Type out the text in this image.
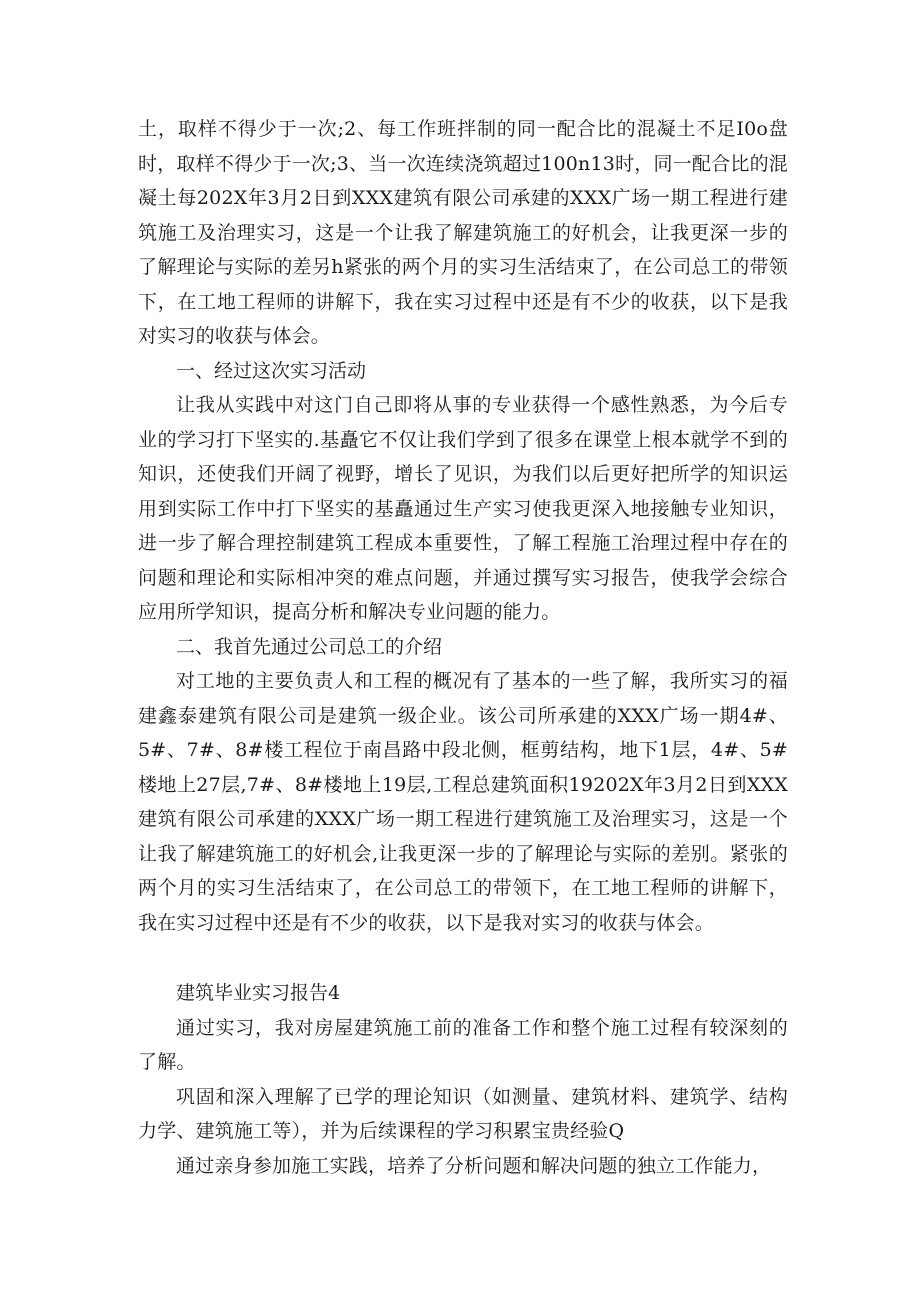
土，取样不得少于一次;2、每工作班拌制的同一配合比的混凝土不足I0o盘时，取样不得少于一次;3、当一次连续浇筑超过100n13时，同一配合比的混凝土每202X年3月2日到XXX建筑有限公司承建的XXX广场一期工程进行建筑施工及治理实习，这是一个让我了解建筑施工的好机会，让我更深一步的了解理论与实际的差另h紧张的两个月的实习生活结束了，在公司总工的带领下，在工地工程师的讲解下，我在实习过程中还是有不少的收获，以下是我对实习的收获与体会。

一、经过这次实习活动

让我从实践中对这门自己即将从事的专业获得一个感性熟悉，为今后专业的学习打下坚实的.基矗它不仅让我们学到了很多在课堂上根本就学不到的知识，还使我们开阔了视野，增长了见识，为我们以后更好把所学的知识运用到实际工作中打下坚实的基矗通过生产实习使我更深入地接触专业知识，进一步了解合理控制建筑工程成本重要性，了解工程施工治理过程中存在的问题和理论和实际相冲突的难点问题，并通过撰写实习报告，使我学会综合应用所学知识，提高分析和解决专业问题的能力。

二、我首先通过公司总工的介绍

对工地的主要负责人和工程的概况有了基本的一些了解，我所实习的福建鑫泰建筑有限公司是建筑一级企业。该公司所承建的XXX广场一期4#、5#、7#、8#楼工程位于南昌路中段北侧，框剪结构，地下1层，4#、5#楼地上27层,7#、8#楼地上19层,工程总建筑面积19202X年3月2日到XXX建筑有限公司承建的XXX广场一期工程进行建筑施工及治理实习，这是一个让我了解建筑施工的好机会,让我更深一步的了解理论与实际的差别。紧张的两个月的实习生活结束了，在公司总工的带领下，在工地工程师的讲解下，我在实习过程中还是有不少的收获，以下是我对实习的收获与体会。

建筑毕业实习报告4

通过实习，我对房屋建筑施工前的准备工作和整个施工过程有较深刻的了解。

巩固和深入理解了已学的理论知识（如测量、建筑材料、建筑学、结构力学、建筑施工等），并为后续课程的学习积累宝贵经验Q

通过亲身参加施工实践，培养了分析问题和解决问题的独立工作能力，
